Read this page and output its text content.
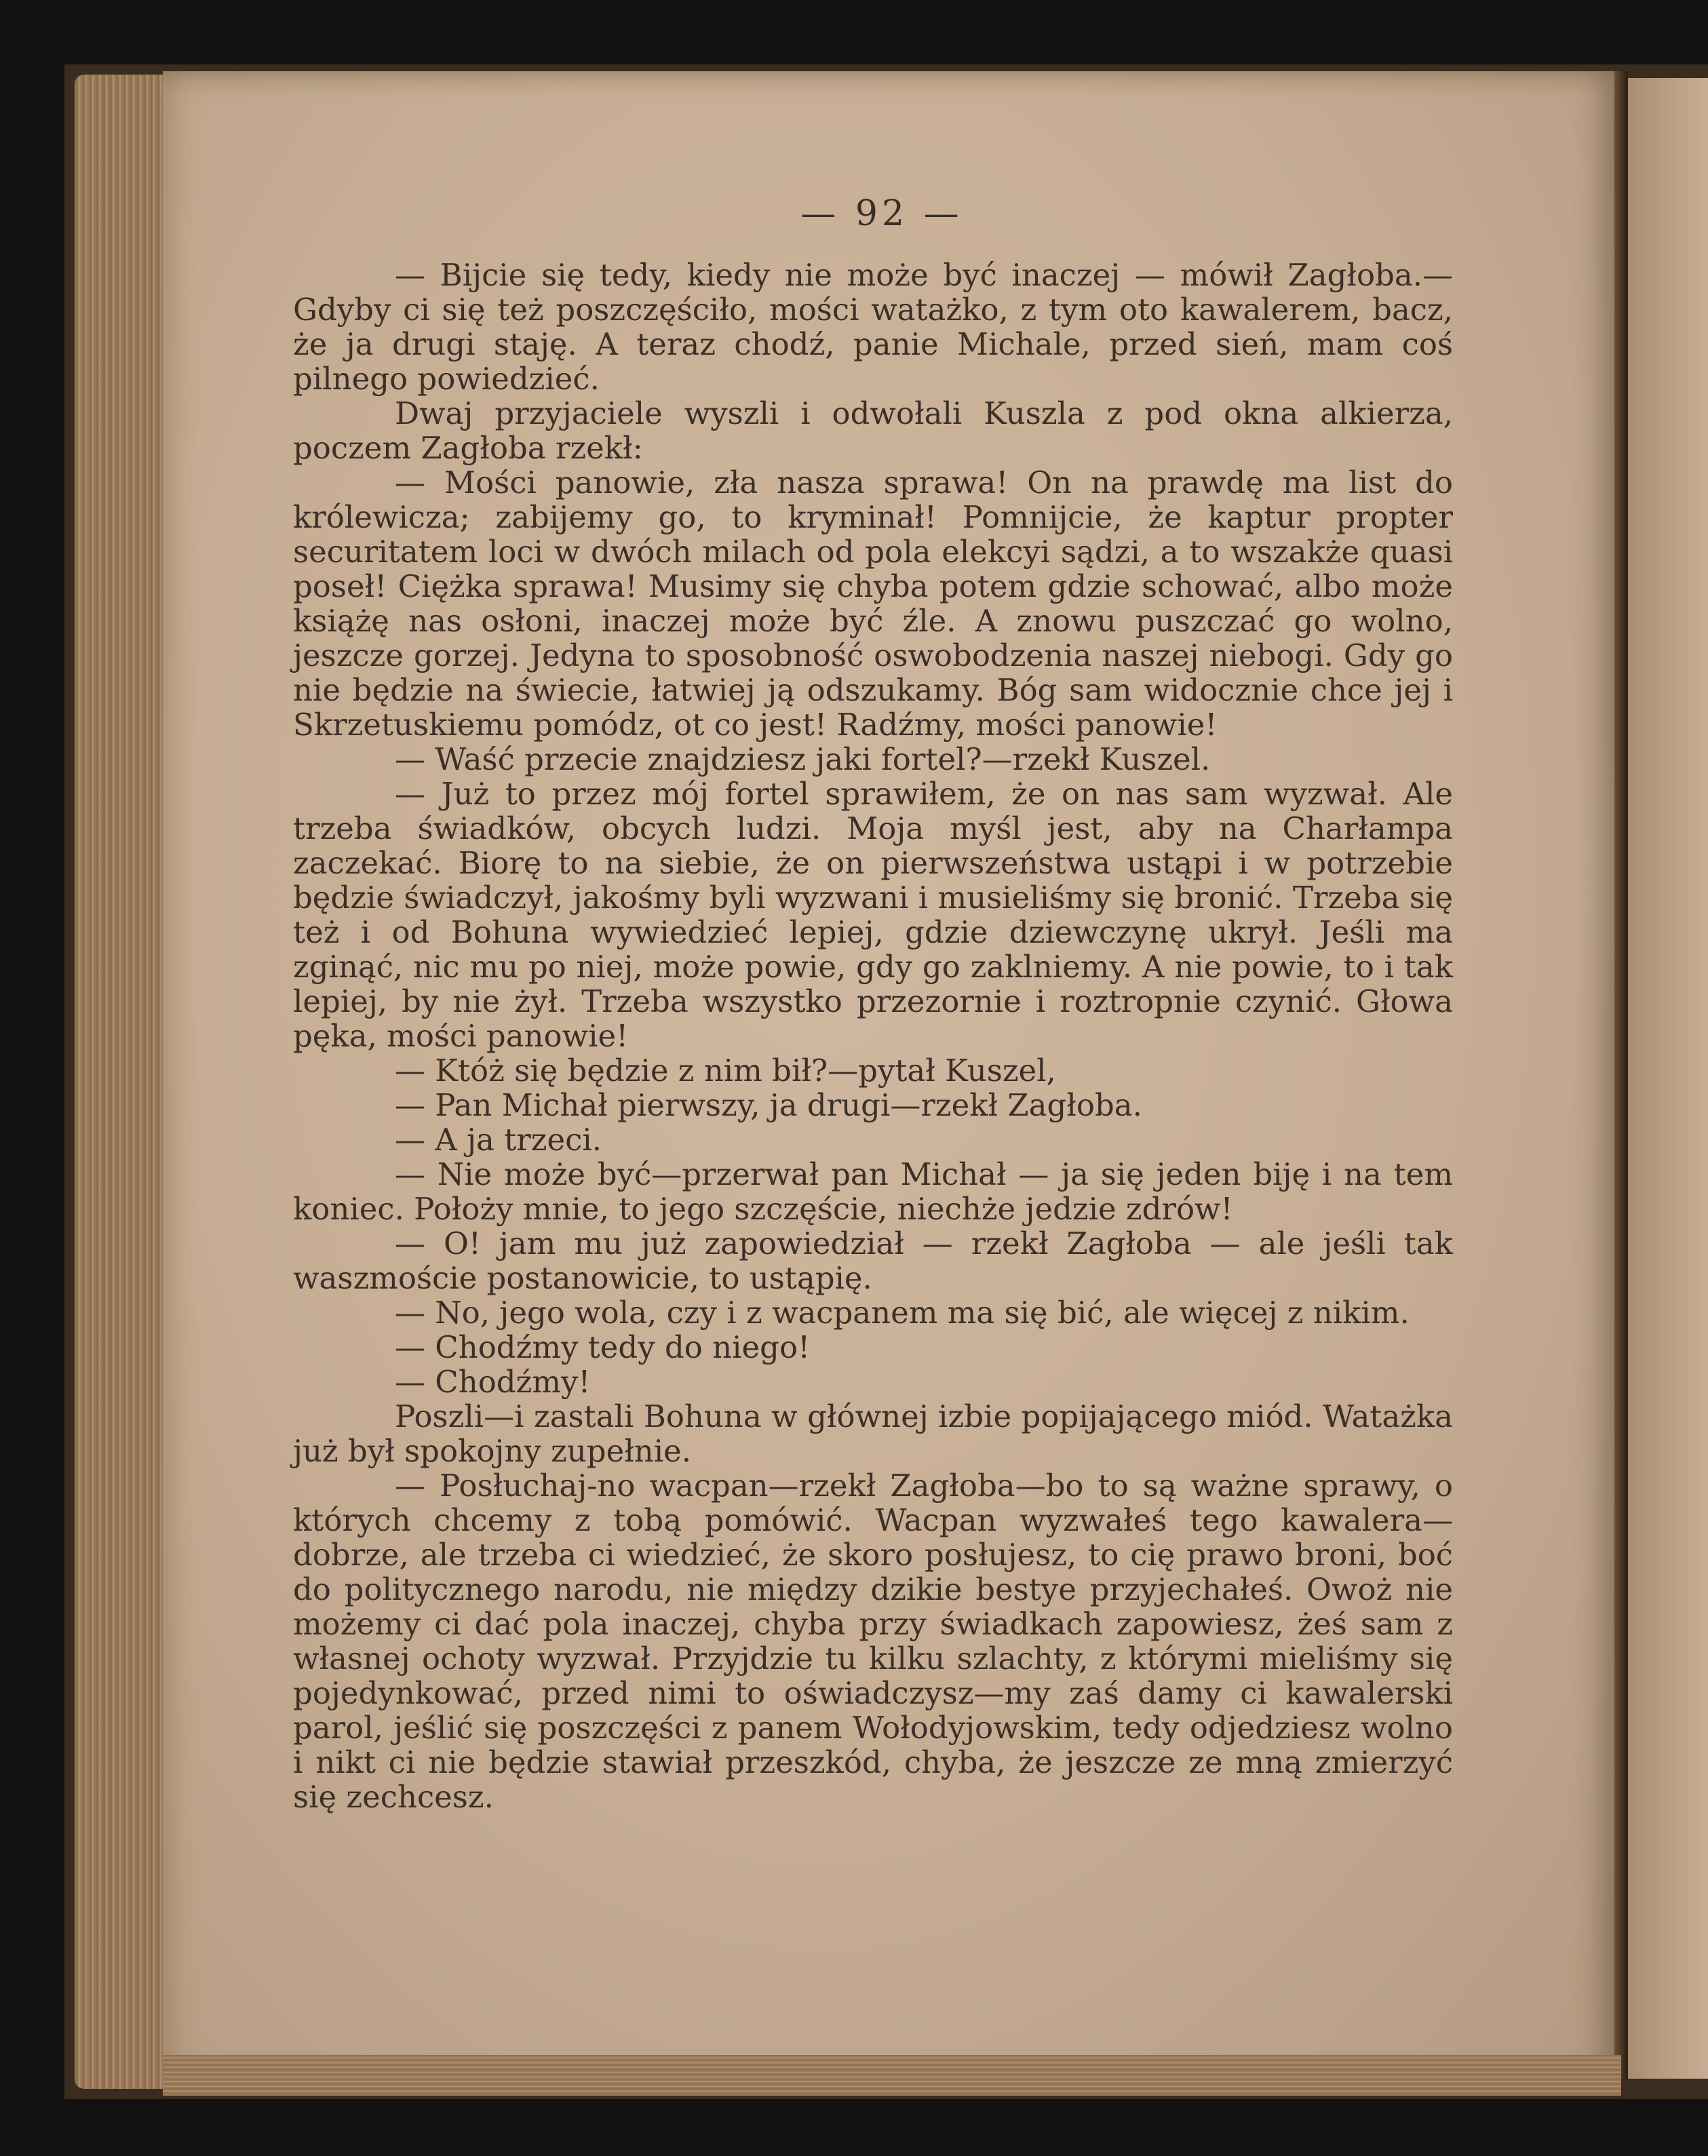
— 92 —

— Bijcie się tedy, kiedy nie może być inaczej — mówił Zagłoba.—Gdyby ci się też poszczęściło, mości watażko, z tym oto kawalerem, bacz, że ja drugi staję. A teraz chodź, panie Michale, przed sień, mam coś pilnego powiedzieć.

Dwaj przyjaciele wyszli i odwołali Kuszla z pod okna alkierza, poczem Zagłoba rzekł:

— Mości panowie, zła nasza sprawa! On na prawdę ma list do królewicza; zabijemy go, to kryminał! Pomnijcie, że kaptur propter securitatem loci w dwóch milach od pola elekcyi sądzi, a to wszakże quasi poseł! Ciężka sprawa! Musimy się chyba potem gdzie schować, albo może książę nas osłoni, inaczej może być źle. A znowu puszczać go wolno, jeszcze gorzej. Jedyna to sposobność oswobodzenia naszej niebogi. Gdy go nie będzie na świecie, łatwiej ją odszukamy. Bóg sam widocznie chce jej i Skrzetuskiemu pomódz, ot co jest! Radźmy, mości panowie!

— Waść przecie znajdziesz jaki fortel?—rzekł Kuszel.

— Już to przez mój fortel sprawiłem, że on nas sam wyzwał. Ale trzeba świadków, obcych ludzi. Moja myśl jest, aby na Charłampa zaczekać. Biorę to na siebie, że on pierwszeństwa ustąpi i w potrzebie będzie świadczył, jakośmy byli wyzwani i musieliśmy się bronić. Trzeba się też i od Bohuna wywiedzieć lepiej, gdzie dziewczynę ukrył. Jeśli ma zginąć, nic mu po niej, może powie, gdy go zaklniemy. A nie powie, to i tak lepiej, by nie żył. Trzeba wszystko przezornie i roztropnie czynić. Głowa pęka, mości panowie!

— Któż się będzie z nim bił?—pytał Kuszel,

— Pan Michał pierwszy, ja drugi—rzekł Zagłoba.

— A ja trzeci.

— Nie może być—przerwał pan Michał — ja się jeden biję i na tem koniec. Położy mnie, to jego szczęście, niechże jedzie zdrów!

— O! jam mu już zapowiedział — rzekł Zagłoba — ale jeśli tak waszmoście postanowicie, to ustąpię.

— No, jego wola, czy i z wacpanem ma się bić, ale więcej z nikim.

— Chodźmy tedy do niego!

— Chodźmy!

Poszli—i zastali Bohuna w głównej izbie popijającego miód. Watażka już był spokojny zupełnie.

— Posłuchaj-no wacpan—rzekł Zagłoba—bo to są ważne sprawy, o których chcemy z tobą pomówić. Wacpan wyzwałeś tego kawalera—dobrze, ale trzeba ci wiedzieć, że skoro posłujesz, to cię prawo broni, boć do politycznego narodu, nie między dzikie bestye przyjechałeś. Owoż nie możemy ci dać pola inaczej, chyba przy świadkach zapowiesz, żeś sam z własnej ochoty wyzwał. Przyjdzie tu kilku szlachty, z którymi mieliśmy się pojedynkować, przed nimi to oświadczysz—my zaś damy ci kawalerski parol, jeślić się poszczęści z panem Wołodyjowskim, tedy odjedziesz wolno i nikt ci nie będzie stawiał przeszkód, chyba, że jeszcze ze mną zmierzyć się zechcesz.
